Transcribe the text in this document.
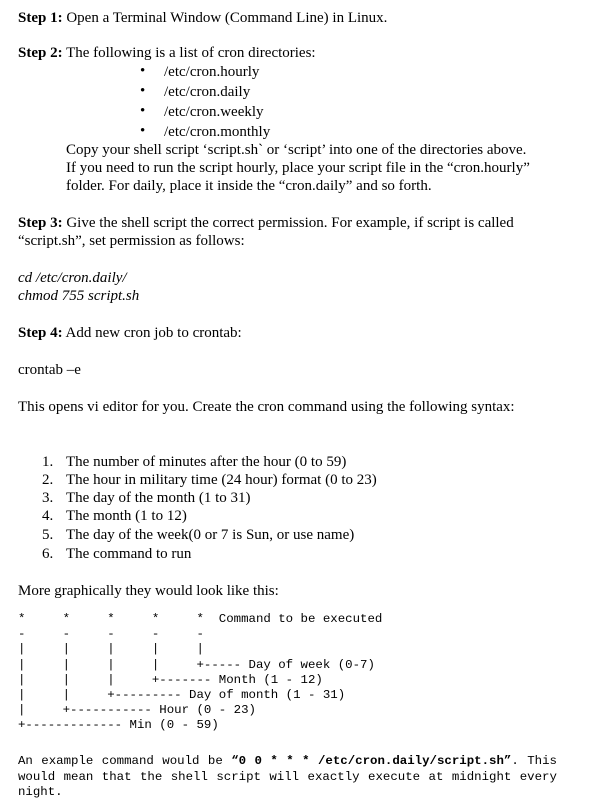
Step 1: Open a Terminal Window (Command Line) in Linux.
Step 2: The following is a list of cron directories:
/etc/cron.hourly
/etc/cron.daily
/etc/cron.weekly
/etc/cron.monthly
Copy your shell script ‘script.sh` or ‘script’ into one of the directories above.
If you need to run the script hourly, place your script file in the “cron.hourly”
folder. For daily, place it inside the “cron.daily” and so forth.
Step 3: Give the shell script the correct permission. For example, if script is called
“script.sh”, set permission as follows:
cd /etc/cron.daily/
chmod 755 script.sh
Step 4: Add new cron job to crontab:
crontab –e
This opens vi editor for you. Create the cron command using the following syntax:
1. The number of minutes after the hour (0 to 59)
2. The hour in military time (24 hour) format (0 to 23)
3. The day of the month (1 to 31)
4. The month (1 to 12)
5. The day of the week(0 or 7 is Sun, or use name)
6. The command to run
More graphically they would look like this:
*     *     *     *     *  Command to be executed
-     -     -     -     -
|     |     |     |     |
|     |     |     |     +----- Day of week (0-7)
|     |     |     +------- Month (1 - 12)
|     |     +--------- Day of month (1 - 31)
|     +----------- Hour (0 - 23)
+------------- Min (0 - 59)
An example command would be “0 0 * * * /etc/cron.daily/script.sh”. This would mean that the shell script will exactly execute at midnight every night.
